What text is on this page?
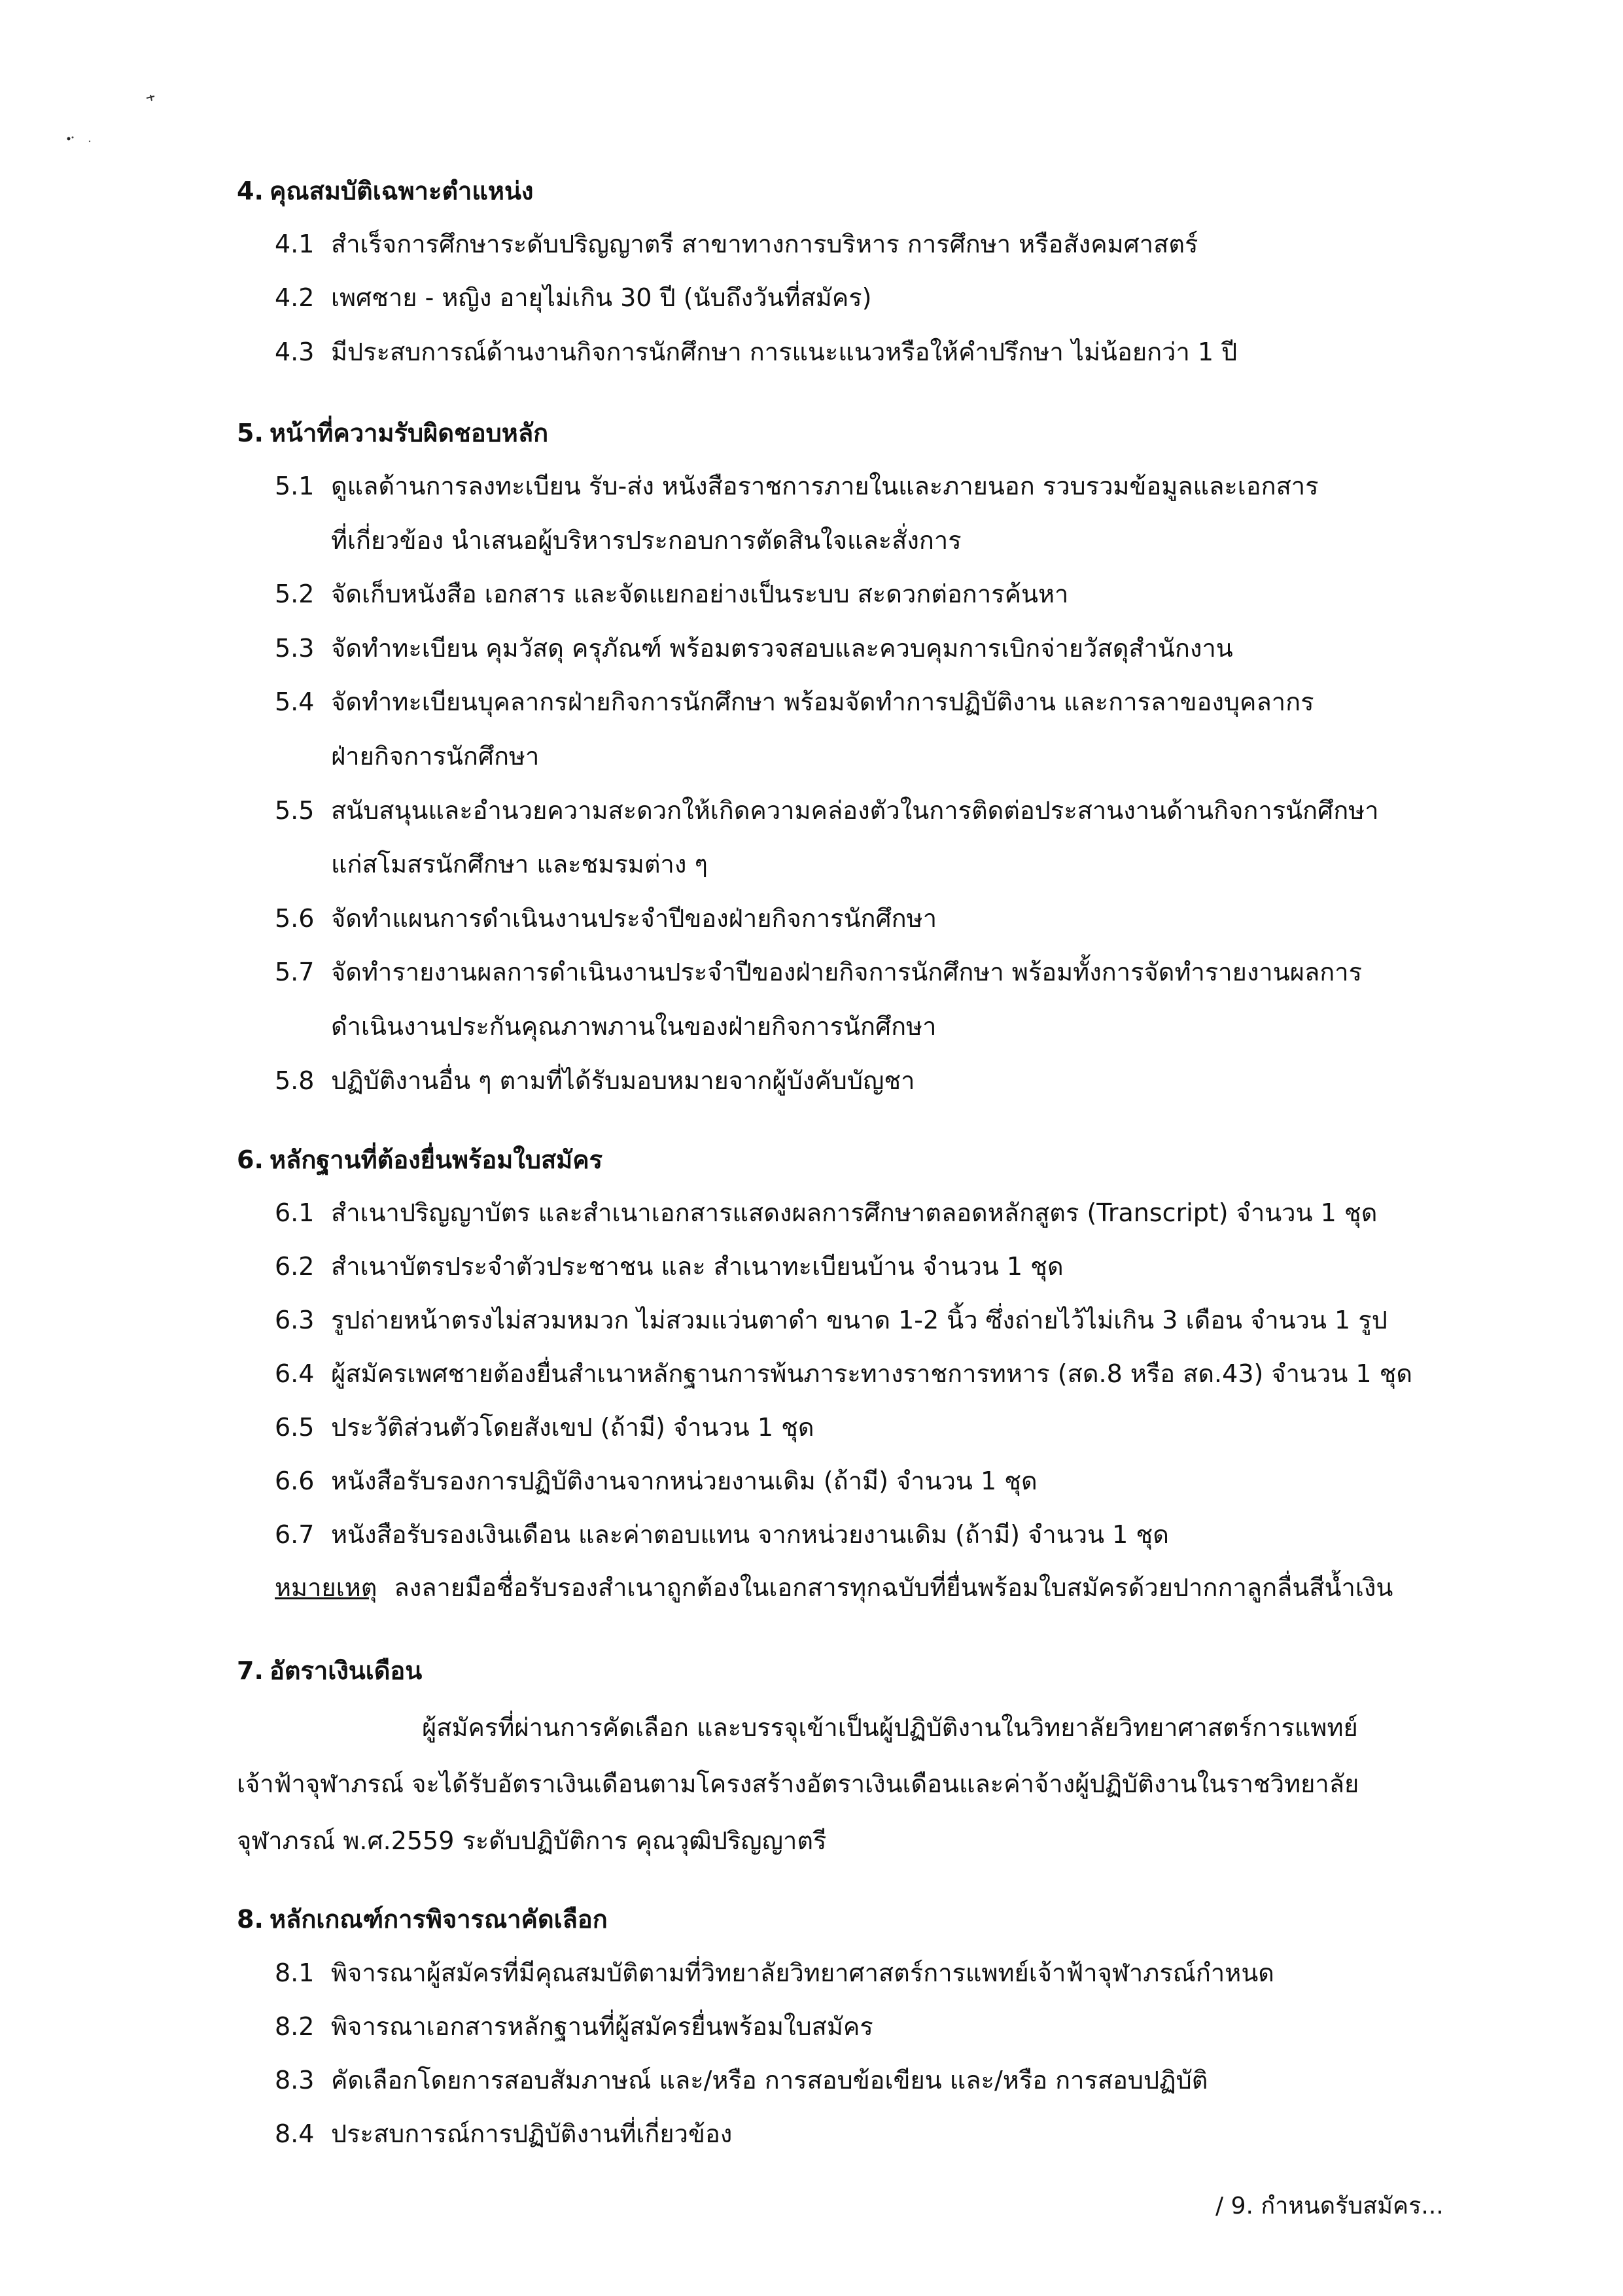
4. คุณสมบัติเฉพาะตำแหน่ง
4.1 สำเร็จการศึกษาระดับปริญญาตรี สาขาทางการบริหาร การศึกษา หรือสังคมศาสตร์
4.2 เพศชาย - หญิง อายุไม่เกิน 30 ปี (นับถึงวันที่สมัคร)
4.3 มีประสบการณ์ด้านงานกิจการนักศึกษา การแนะแนวหรือให้คำปรึกษา ไม่น้อยกว่า 1 ปี
5. หน้าที่ความรับผิดชอบหลัก
5.1 ดูแลด้านการลงทะเบียน รับ-ส่ง หนังสือราชการภายในและภายนอก รวบรวมข้อมูลและเอกสาร
ที่เกี่ยวข้อง นำเสนอผู้บริหารประกอบการตัดสินใจและสั่งการ
5.2 จัดเก็บหนังสือ เอกสาร และจัดแยกอย่างเป็นระบบ สะดวกต่อการค้นหา
5.3 จัดทำทะเบียน คุมวัสดุ ครุภัณฑ์ พร้อมตรวจสอบและควบคุมการเบิกจ่ายวัสดุสำนักงาน
5.4 จัดทำทะเบียนบุคลากรฝ่ายกิจการนักศึกษา พร้อมจัดทำการปฏิบัติงาน และการลาของบุคลากร
ฝ่ายกิจการนักศึกษา
5.5 สนับสนุนและอำนวยความสะดวกให้เกิดความคล่องตัวในการติดต่อประสานงานด้านกิจการนักศึกษา
แก่สโมสรนักศึกษา และชมรมต่าง ๆ
5.6 จัดทำแผนการดำเนินงานประจำปีของฝ่ายกิจการนักศึกษา
5.7 จัดทำรายงานผลการดำเนินงานประจำปีของฝ่ายกิจการนักศึกษา พร้อมทั้งการจัดทำรายงานผลการ
ดำเนินงานประกันคุณภาพภานในของฝ่ายกิจการนักศึกษา
5.8 ปฏิบัติงานอื่น ๆ ตามที่ได้รับมอบหมายจากผู้บังคับบัญชา
6. หลักฐานที่ต้องยื่นพร้อมใบสมัคร
6.1 สำเนาปริญญาบัตร และสำเนาเอกสารแสดงผลการศึกษาตลอดหลักสูตร (Transcript) จำนวน 1 ชุด
6.2 สำเนาบัตรประจำตัวประชาชน และ สำเนาทะเบียนบ้าน จำนวน 1 ชุด
6.3 รูปถ่ายหน้าตรงไม่สวมหมวก ไม่สวมแว่นตาดำ ขนาด 1-2 นิ้ว ซึ่งถ่ายไว้ไม่เกิน 3 เดือน จำนวน 1 รูป
6.4 ผู้สมัครเพศชายต้องยื่นสำเนาหลักฐานการพ้นภาระทางราชการทหาร (สด.8 หรือ สด.43) จำนวน 1 ชุด
6.5 ประวัติส่วนตัวโดยสังเขป (ถ้ามี) จำนวน 1 ชุด
6.6 หนังสือรับรองการปฏิบัติงานจากหน่วยงานเดิม (ถ้ามี) จำนวน 1 ชุด
6.7 หนังสือรับรองเงินเดือน และค่าตอบแทน จากหน่วยงานเดิม (ถ้ามี) จำนวน 1 ชุด
หมายเหตุ ลงลายมือชื่อรับรองสำเนาถูกต้องในเอกสารทุกฉบับที่ยื่นพร้อมใบสมัครด้วยปากกาลูกลื่นสีน้ำเงิน
7. อัตราเงินเดือน
ผู้สมัครที่ผ่านการคัดเลือก และบรรจุเข้าเป็นผู้ปฏิบัติงานในวิทยาลัยวิทยาศาสตร์การแพทย์
เจ้าฟ้าจุฬาภรณ์ จะได้รับอัตราเงินเดือนตามโครงสร้างอัตราเงินเดือนและค่าจ้างผู้ปฏิบัติงานในราชวิทยาลัย
จุฬาภรณ์ พ.ศ.2559 ระดับปฏิบัติการ คุณวุฒิปริญญาตรี
8. หลักเกณฑ์การพิจารณาคัดเลือก
8.1 พิจารณาผู้สมัครที่มีคุณสมบัติตามที่วิทยาลัยวิทยาศาสตร์การแพทย์เจ้าฟ้าจุฬาภรณ์กำหนด
8.2 พิจารณาเอกสารหลักฐานที่ผู้สมัครยื่นพร้อมใบสมัคร
8.3 คัดเลือกโดยการสอบสัมภาษณ์ และ/หรือ การสอบข้อเขียน และ/หรือ การสอบปฏิบัติ
8.4 ประสบการณ์การปฏิบัติงานที่เกี่ยวข้อง
/ 9. กำหนดรับสมัคร...
